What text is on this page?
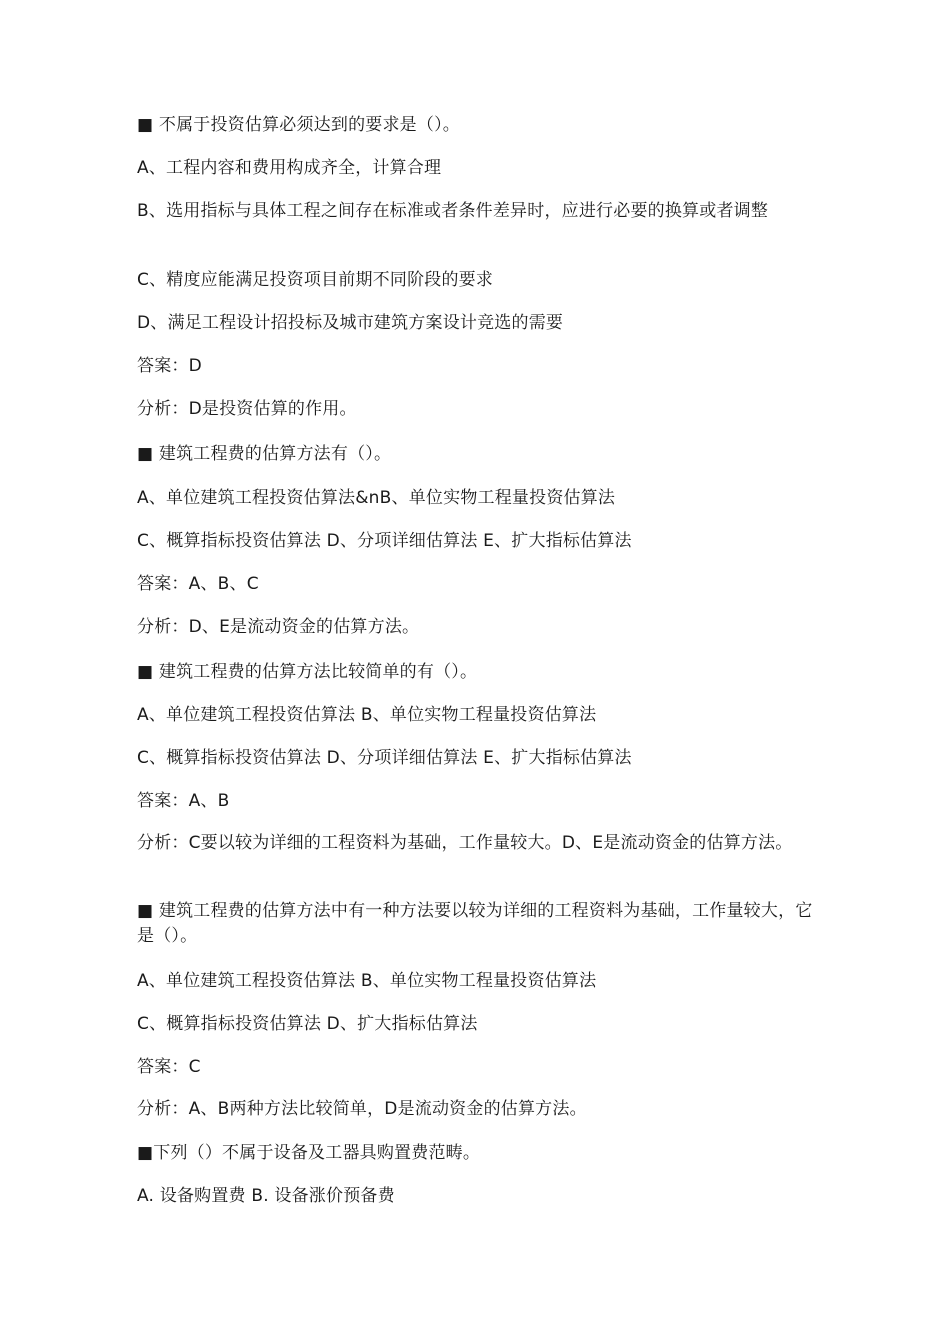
■ 不属于投资估算必须达到的要求是（）。
A、工程内容和费用构成齐全，计算合理
B、选用指标与具体工程之间存在标准或者条件差异时，应进行必要的换算或者调整
C、精度应能满足投资项目前期不同阶段的要求
D、满足工程设计招投标及城市建筑方案设计竞选的需要
答案：D
分析：D是投资估算的作用。
■ 建筑工程费的估算方法有（）。
A、单位建筑工程投资估算法&nB、单位实物工程量投资估算法
C、概算指标投资估算法 D、分项详细估算法 E、扩大指标估算法
答案：A、B、C
分析：D、E是流动资金的估算方法。
■ 建筑工程费的估算方法比较简单的有（）。
A、单位建筑工程投资估算法 B、单位实物工程量投资估算法
C、概算指标投资估算法 D、分项详细估算法 E、扩大指标估算法
答案：A、B
分析：C要以较为详细的工程资料为基础，工作量较大。D、E是流动资金的估算方法。
■ 建筑工程费的估算方法中有一种方法要以较为详细的工程资料为基础，工作量较大，它是（）。
A、单位建筑工程投资估算法 B、单位实物工程量投资估算法
C、概算指标投资估算法 D、扩大指标估算法
答案：C
分析：A、B两种方法比较简单，D是流动资金的估算方法。
■下列（）不属于设备及工器具购置费范畴。
A. 设备购置费 B. 设备涨价预备费
